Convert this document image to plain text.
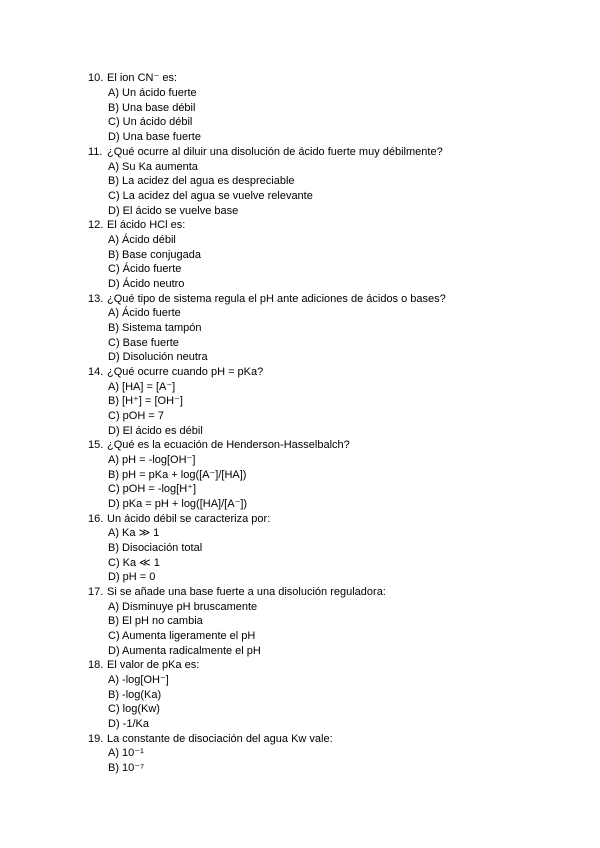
10. El ion CN⁻ es:
A) Un ácido fuerte
B) Una base débil
C) Un ácido débil
D) Una base fuerte
11. ¿Qué ocurre al diluir una disolución de ácido fuerte muy débilmente?
A) Su Ka aumenta
B) La acidez del agua es despreciable
C) La acidez del agua se vuelve relevante
D) El ácido se vuelve base
12. El ácido HCl es:
A) Ácido débil
B) Base conjugada
C) Ácido fuerte
D) Ácido neutro
13. ¿Qué tipo de sistema regula el pH ante adiciones de ácidos o bases?
A) Ácido fuerte
B) Sistema tampón
C) Base fuerte
D) Disolución neutra
14. ¿Qué ocurre cuando pH = pKa?
A) [HA] = [A⁻]
B) [H⁺] = [OH⁻]
C) pOH = 7
D) El ácido es débil
15. ¿Qué es la ecuación de Henderson-Hasselbalch?
A) pH = -log[OH⁻]
B) pH = pKa + log([A⁻]/[HA])
C) pOH = -log[H⁺]
D) pKa = pH + log([HA]/[A⁻])
16. Un ácido débil se caracteriza por:
A) Ka ≫ 1
B) Disociación total
C) Ka ≪ 1
D) pH = 0
17. Si se añade una base fuerte a una disolución reguladora:
A) Disminuye pH bruscamente
B) El pH no cambia
C) Aumenta ligeramente el pH
D) Aumenta radicalmente el pH
18. El valor de pKa es:
A) -log[OH⁻]
B) -log(Ka)
C) log(Kw)
D) -1/Ka
19. La constante de disociación del agua Kw vale:
A) 10⁻¹
B) 10⁻⁷
